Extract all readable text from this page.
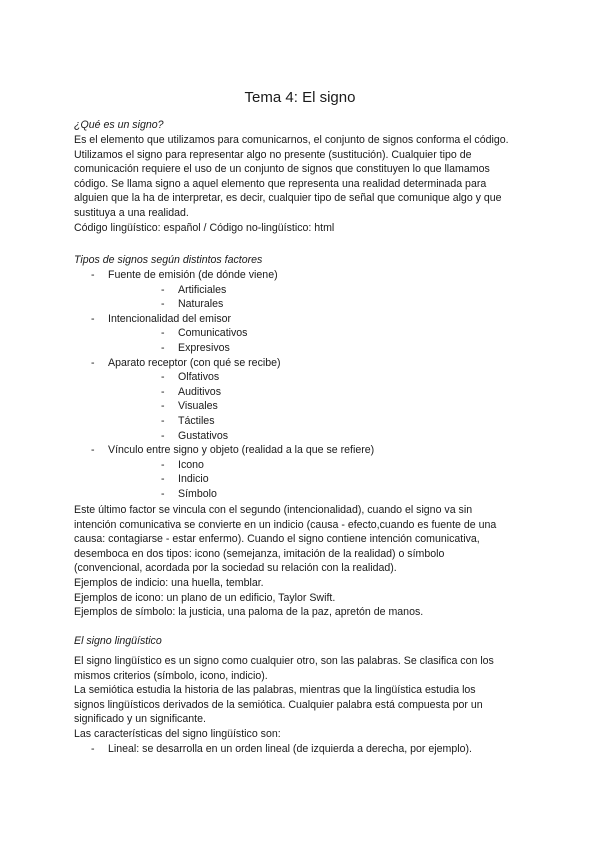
Tema 4: El signo
¿Qué es un signo?
Es el elemento que utilizamos para comunicarnos, el conjunto de signos conforma el código.
Utilizamos el signo para representar algo no presente (sustitución). Cualquier tipo de
comunicación requiere el uso de un conjunto de signos que constituyen lo que llamamos
código. Se llama signo a aquel elemento que representa una realidad determinada para
alguien que la ha de interpretar, es decir, cualquier tipo de señal que comunique algo y que
sustituya a una realidad.
Código lingüístico: español / Código no-lingüístico: html
Tipos de signos según distintos factores
- Fuente de emisión (de dónde viene)
- Artificiales
- Naturales
- Intencionalidad del emisor
- Comunicativos
- Expresivos
- Aparato receptor (con qué se recibe)
- Olfativos
- Auditivos
- Visuales
- Táctiles
- Gustativos
- Vínculo entre signo y objeto (realidad a la que se refiere)
- Icono
- Indicio
- Símbolo
Este último factor se vincula con el segundo (intencionalidad), cuando el signo va sin
intención comunicativa se convierte en un indicio (causa - efecto,cuando es fuente de una
causa: contagiarse - estar enfermo). Cuando el signo contiene intención comunicativa,
desemboca en dos tipos: icono (semejanza, imitación de la realidad) o símbolo
(convencional, acordada por la sociedad su relación con la realidad).
Ejemplos de indicio: una huella, temblar.
Ejemplos de icono: un plano de un edificio, Taylor Swift.
Ejemplos de símbolo: la justicia, una paloma de la paz, apretón de manos.
El signo lingüístico
El signo lingüístico es un signo como cualquier otro, son las palabras. Se clasifica con los
mismos criterios (símbolo, icono, indicio).
La semiótica estudia la historia de las palabras, mientras que la lingüística estudia los
signos lingüísticos derivados de la semiótica. Cualquier palabra está compuesta por un
significado y un significante.
Las características del signo lingüístico son:
- Lineal: se desarrolla en un orden lineal (de izquierda a derecha, por ejemplo).
